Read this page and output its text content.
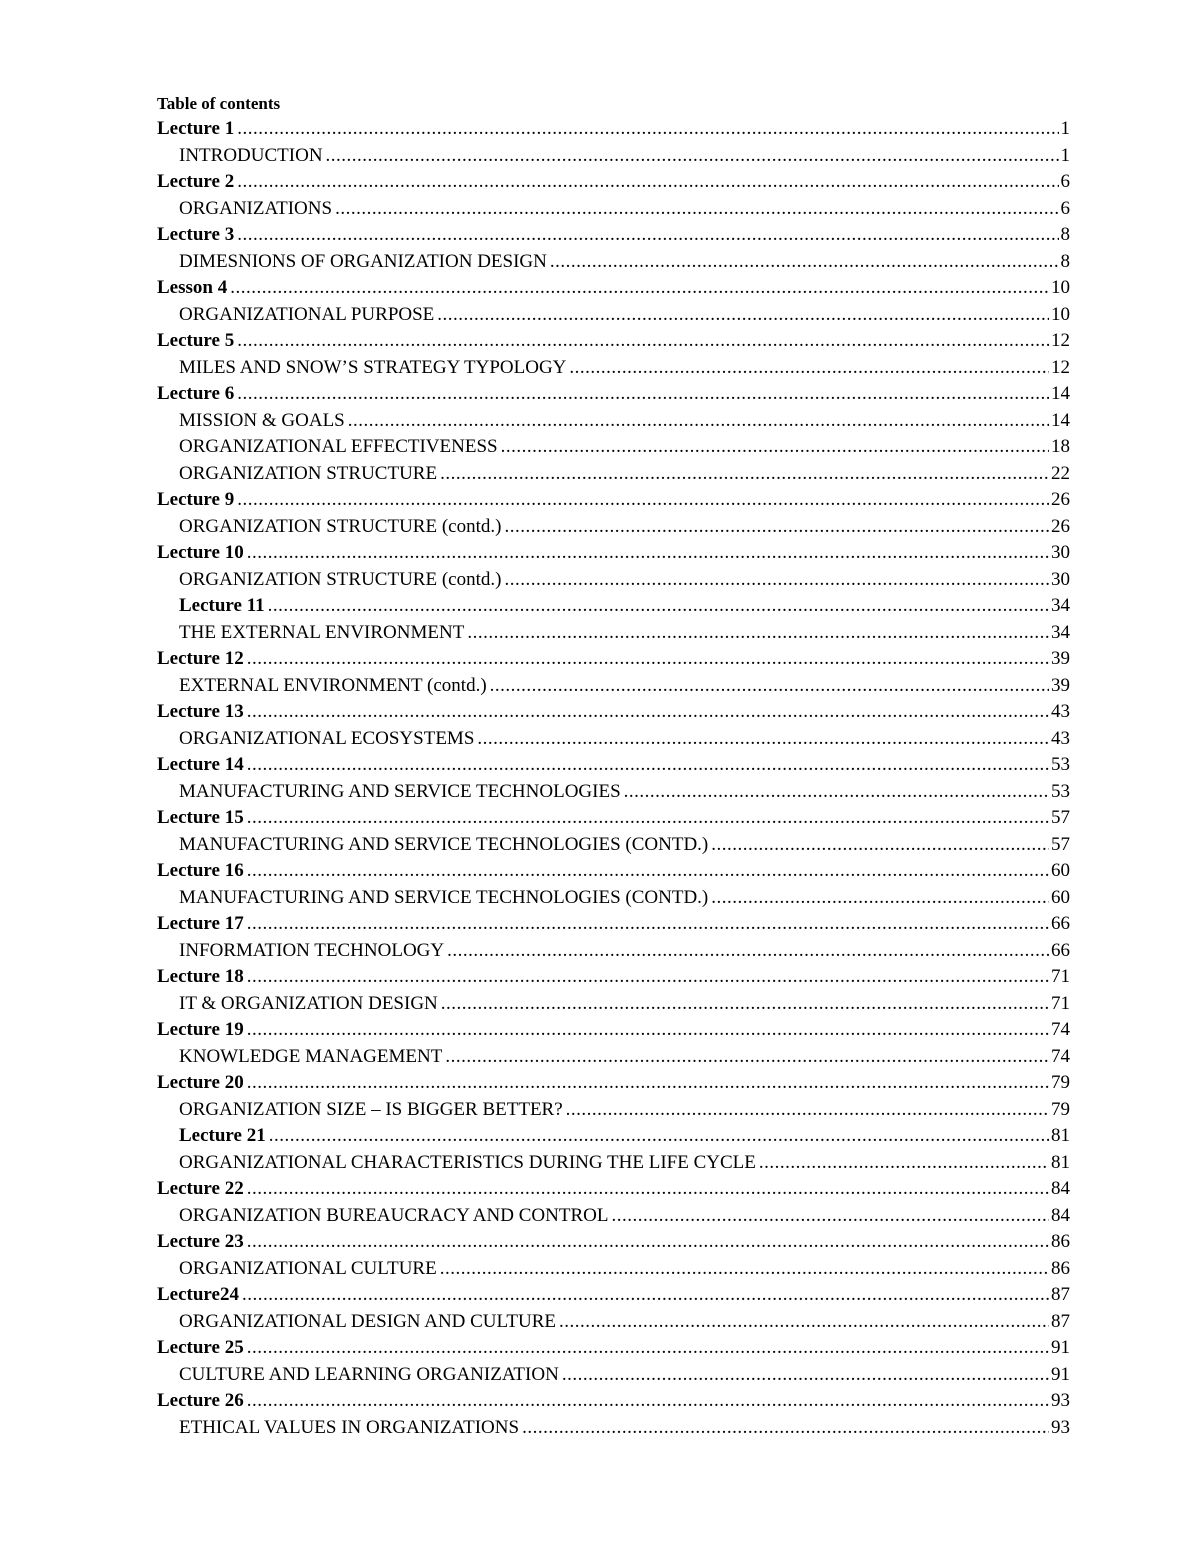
Table of contents
Lecture 1 .....	1
INTRODUCTION .....	1
Lecture 2 .....	6
ORGANIZATIONS .....	6
Lecture 3 .....	8
DIMESNIONS OF ORGANIZATION DESIGN .....	8
Lesson 4 .....	10
ORGANIZATIONAL PURPOSE .....	10
Lecture 5 .....	12
MILES AND SNOW’S STRATEGY TYPOLOGY .....	12
Lecture 6 .....	14
MISSION & GOALS .....	14
ORGANIZATIONAL EFFECTIVENESS .....	18
ORGANIZATION STRUCTURE .....	22
Lecture 9 .....	26
ORGANIZATION STRUCTURE (contd.) .....	26
Lecture 10 .....	30
ORGANIZATION STRUCTURE (contd.) .....	30
Lecture 11 .....	34
THE EXTERNAL ENVIRONMENT .....	34
Lecture 12 .....	39
EXTERNAL ENVIRONMENT (contd.) .....	39
Lecture 13 .....	43
ORGANIZATIONAL ECOSYSTEMS .....	43
Lecture 14 .....	53
MANUFACTURING AND SERVICE TECHNOLOGIES .....	53
Lecture 15 .....	57
MANUFACTURING AND SERVICE TECHNOLOGIES (CONTD.) .....	57
Lecture 16 .....	60
MANUFACTURING AND SERVICE TECHNOLOGIES (CONTD.) .....	60
Lecture 17 .....	66
INFORMATION TECHNOLOGY .....	66
Lecture 18 .....	71
IT & ORGANIZATION DESIGN .....	71
Lecture 19 .....	74
KNOWLEDGE MANAGEMENT .....	74
Lecture 20 .....	79
ORGANIZATION SIZE – IS BIGGER BETTER? .....	79
Lecture 21 .....	81
ORGANIZATIONAL CHARACTERISTICS DURING THE LIFE CYCLE .....	81
Lecture 22 .....	84
ORGANIZATION BUREAUCRACY AND CONTROL .....	84
Lecture 23 .....	86
ORGANIZATIONAL CULTURE .....	86
Lecture24 .....	87
ORGANIZATIONAL DESIGN AND CULTURE .....	87
Lecture 25 .....	91
CULTURE AND LEARNING ORGANIZATION .....	91
Lecture 26 .....	93
ETHICAL VALUES IN ORGANIZATIONS .....	93
